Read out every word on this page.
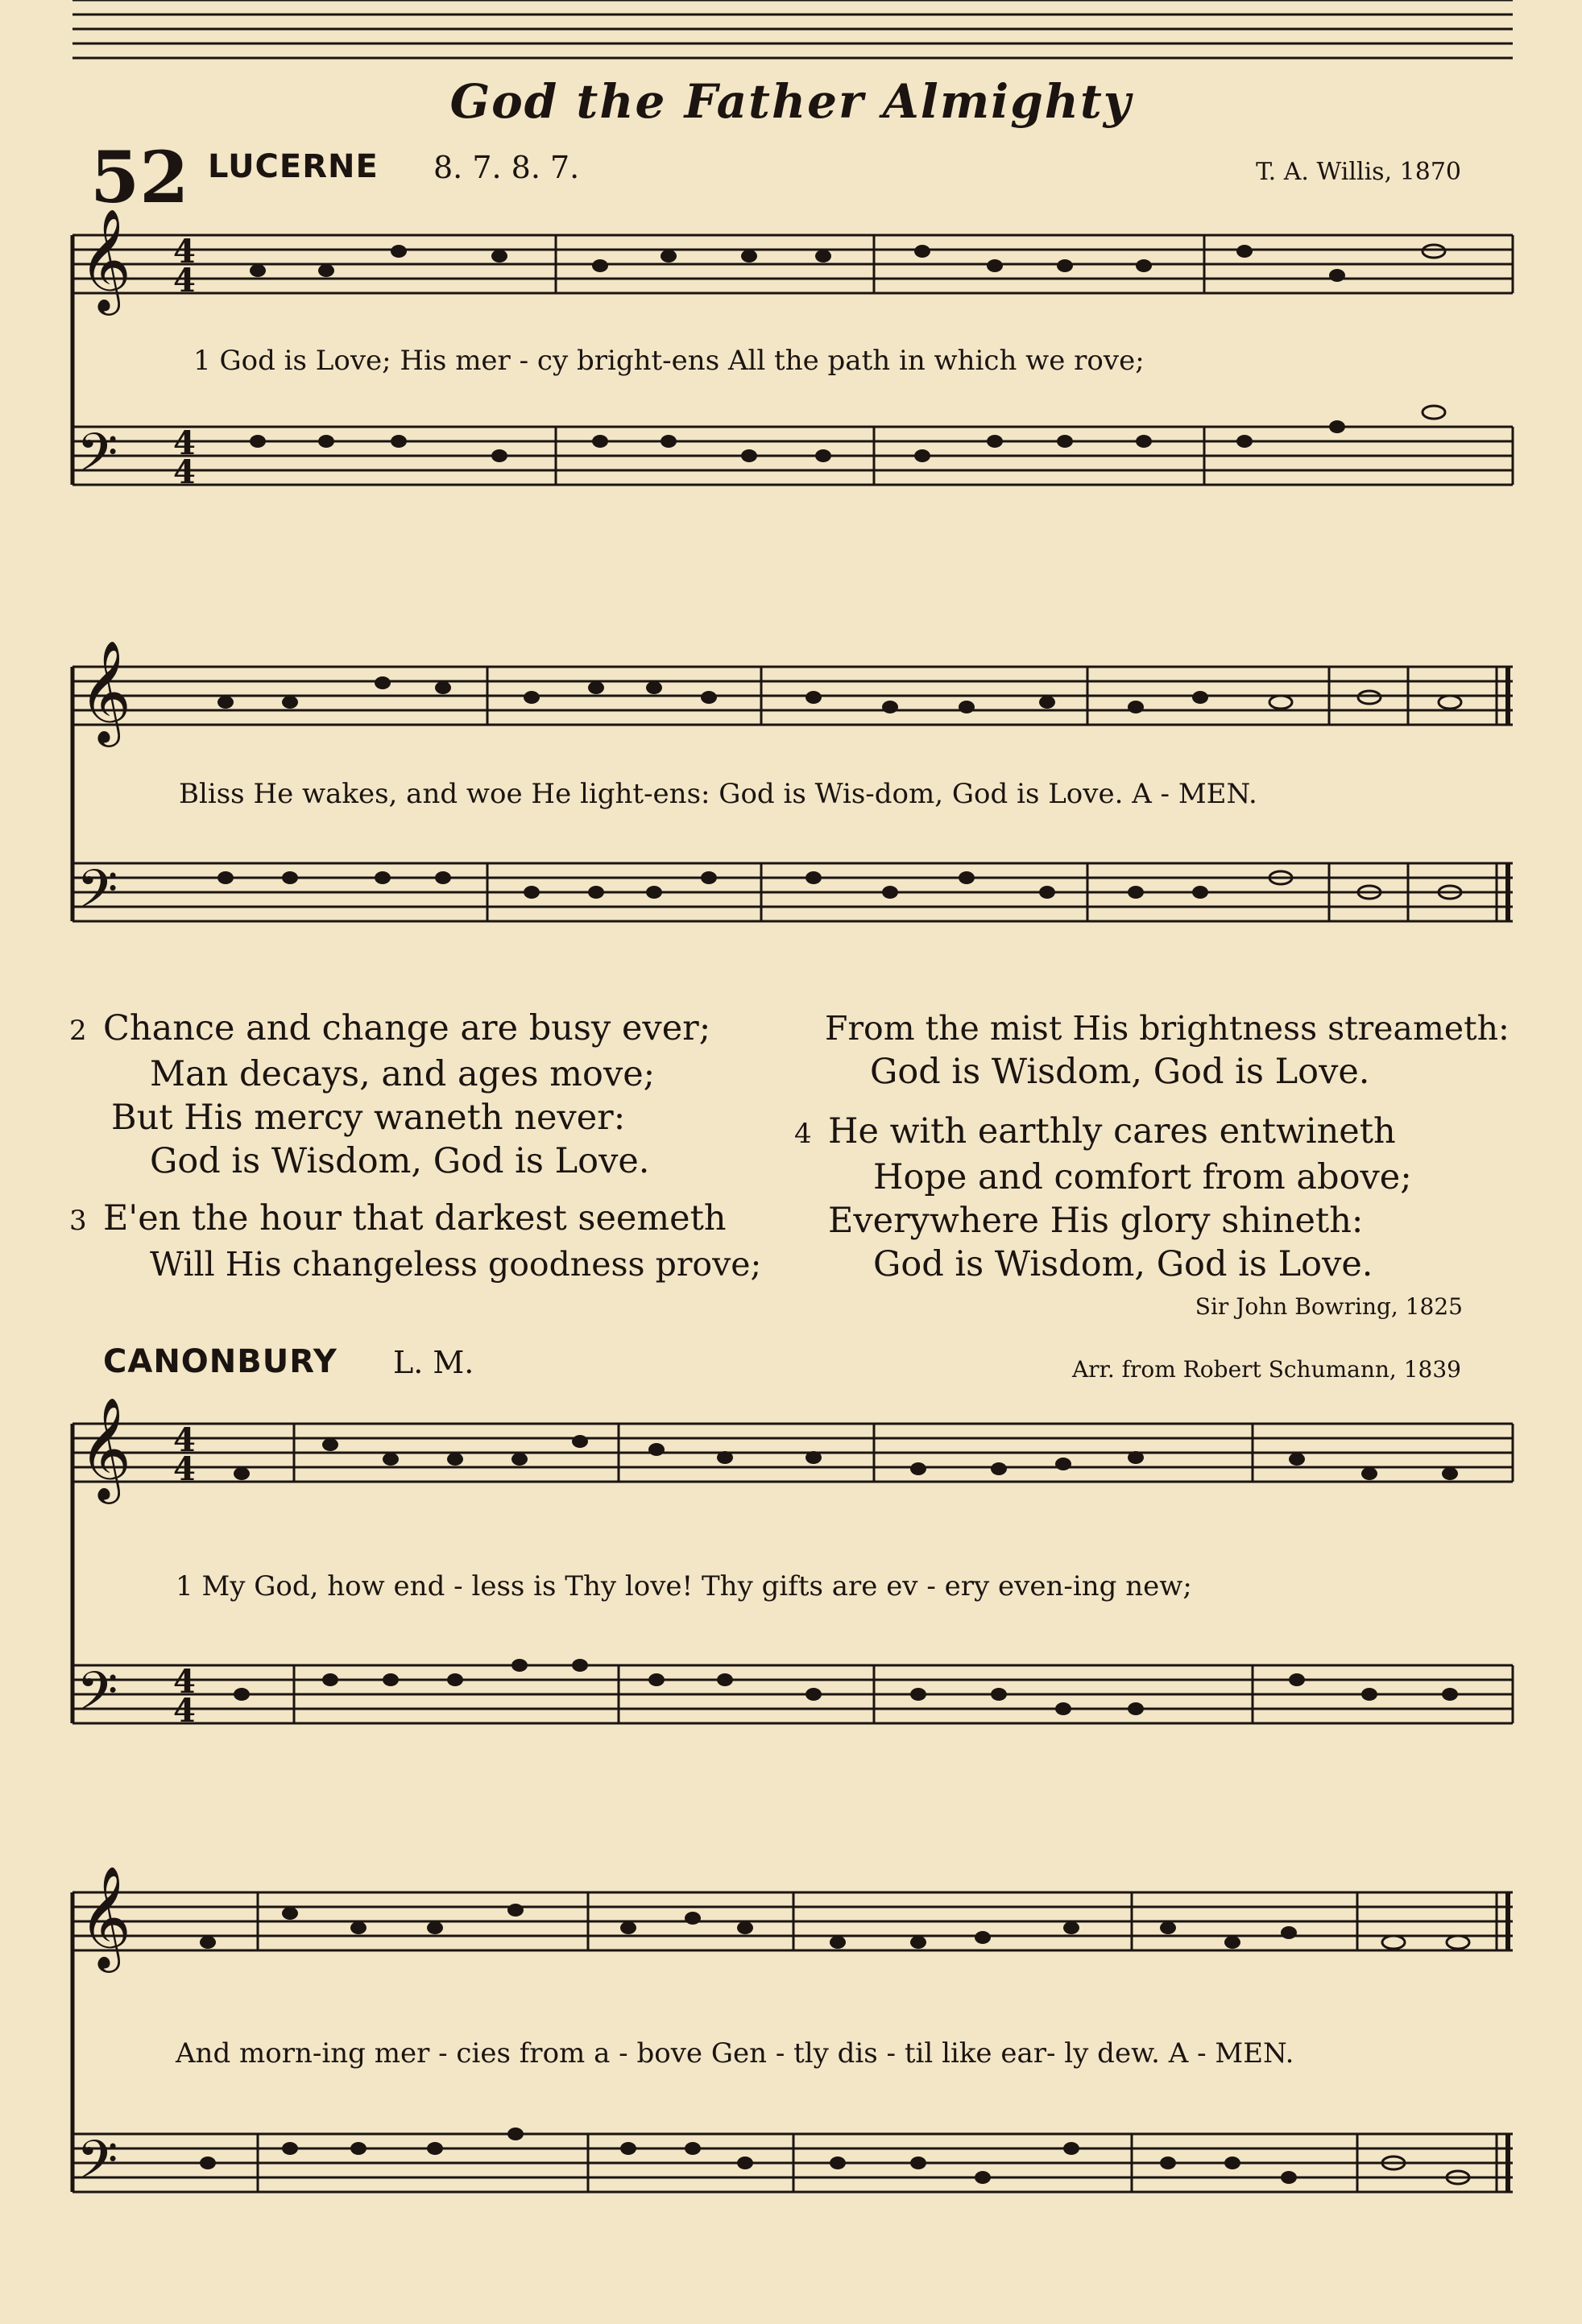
God the Father Almighty
52 LUCERNE 8. 7. 8. 7.	T. A. Willis, 1870
𝄞
𝄢
4
4
4
4
𝄞
𝄢
𝄞
𝄢
4
4
4
4
𝄞
𝄢
1 God is Love; His mer - cy bright-ens All the path in which we rove;
Bliss He wakes, and woe He light-ens: God is Wis-dom, God is Love. A - MEN.
2 Chance and change are busy ever;
Man decays, and ages move;
But His mercy waneth never:
God is Wisdom, God is Love.
3 E'en the hour that darkest seemeth
Will His changeless goodness prove;
From the mist His brightness streameth:
God is Wisdom, God is Love.
4 He with earthly cares entwineth
Hope and comfort from above;
Everywhere His glory shineth:
God is Wisdom, God is Love.
Sir John Bowring, 1825
CANONBURY L. M.	Arr. from Robert Schumann, 1839
1 My God, how end - less is Thy love! Thy gifts are ev - ery even-ing new;
And morn-ing mer - cies from a - bove Gen - tly dis - til like ear- ly dew. A - MEN.
